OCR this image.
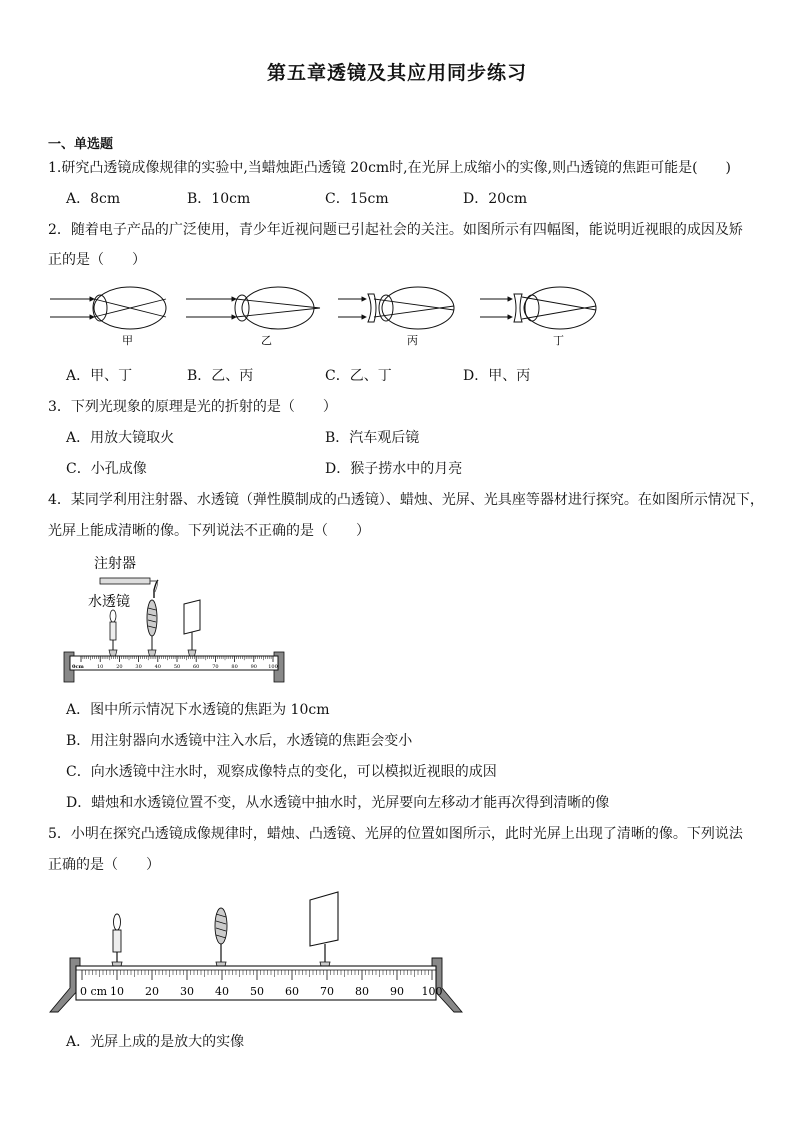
第五章透镜及其应用同步练习
一、单选题
1.研究凸透镜成像规律的实验中,当蜡烛距凸透镜 20cm时,在光屏上成缩小的实像,则凸透镜的焦距可能是(　　)
A．8cm	B．10cm	C．15cm	D．20cm
2．随着电子产品的广泛使用，青少年近视问题已引起社会的关注。如图所示有四幅图，能说明近视眼的成因及矫
正的是（　　）
甲	乙	丙	丁
A．甲、丁	B．乙、丙	C．乙、丁	D．甲、丙
3．下列光现象的原理是光的折射的是（　　）
A．用放大镜取火	B．汽车观后镜
C．小孔成像	D．猴子捞水中的月亮
4．某同学利用注射器、水透镜（弹性膜制成的凸透镜）、蜡烛、光屏、光具座等器材进行探究。在如图所示情况下，
光屏上能成清晰的像。下列说法不正确的是（　　）
注射器
水透镜
0cm	10	20	30	40	50	60	70	80	90 100
A．图中所示情况下水透镜的焦距为 10cm
B．用注射器向水透镜中注入水后，水透镜的焦距会变小
C．向水透镜中注水时，观察成像特点的变化，可以模拟近视眼的成因
D．蜡烛和水透镜位置不变，从水透镜中抽水时，光屏要向左移动才能再次得到清晰的像
5．小明在探究凸透镜成像规律时，蜡烛、凸透镜、光屏的位置如图所示，此时光屏上出现了清晰的像。下列说法
正确的是（　　）
0 cm 10 20 30 40 50 60 70 80 90 100
A．光屏上成的是放大的实像
